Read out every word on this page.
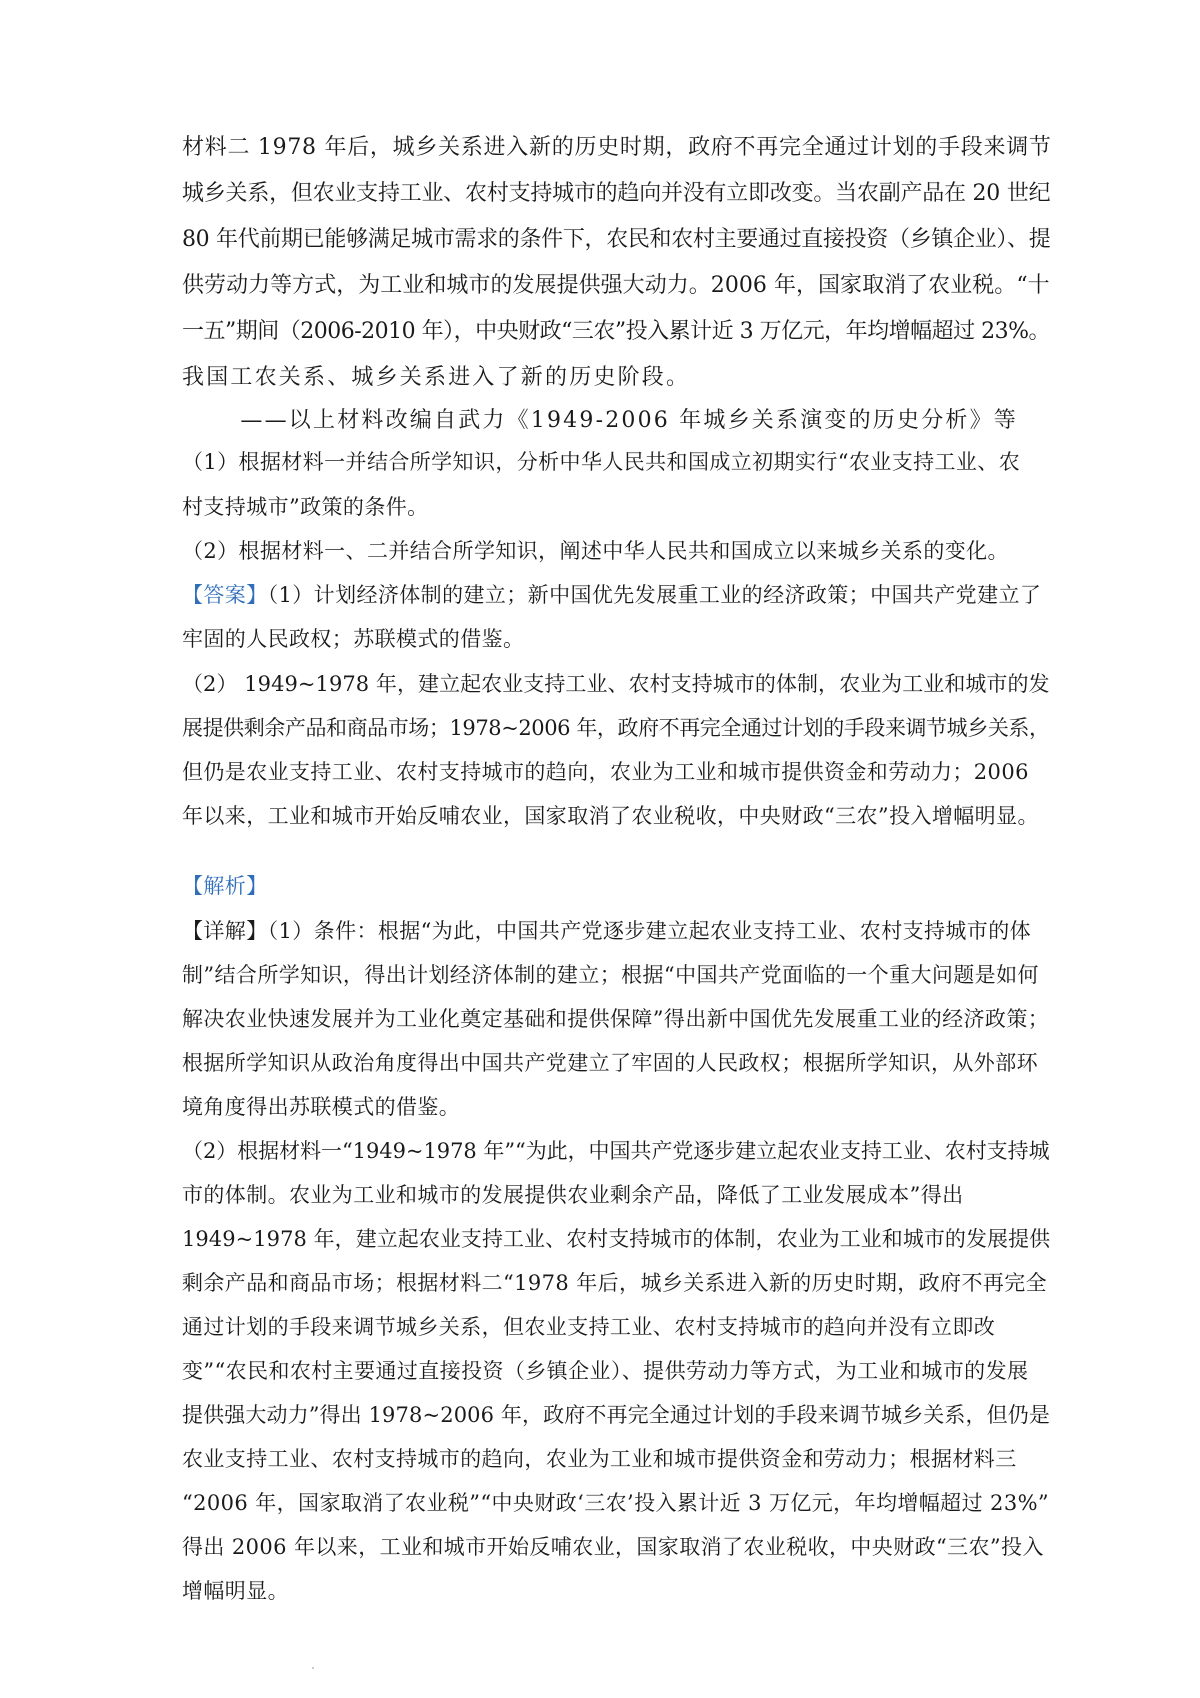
材料二 1978 年后，城乡关系进入新的历史时期，政府不再完全通过计划的手段来调节
城乡关系，但农业支持工业、农村支持城市的趋向并没有立即改变。当农副产品在 20 世纪
80 年代前期已能够满足城市需求的条件下，农民和农村主要通过直接投资（乡镇企业）、提
供劳动力等方式，为工业和城市的发展提供强大动力。2006 年，国家取消了农业税。“十
一五”期间（2006-2010 年），中央财政“三农”投入累计近 3 万亿元，年均增幅超过 23%。
我国工农关系、城乡关系进入了新的历史阶段。
——以上材料改编自武力《1949-2006 年城乡关系演变的历史分析》等
（1）根据材料一并结合所学知识，分析中华人民共和国成立初期实行“农业支持工业、农
村支持城市”政策的条件。
（2）根据材料一、二并结合所学知识，阐述中华人民共和国成立以来城乡关系的变化。
【答案】（1）计划经济体制的建立；新中国优先发展重工业的经济政策；中国共产党建立了
牢固的人民政权；苏联模式的借鉴。
（2） 1949~1978 年，建立起农业支持工业、农村支持城市的体制，农业为工业和城市的发
展提供剩余产品和商品市场；1978~2006 年，政府不再完全通过计划的手段来调节城乡关系，
但仍是农业支持工业、农村支持城市的趋向，农业为工业和城市提供资金和劳动力；2006
年以来，工业和城市开始反哺农业，国家取消了农业税收，中央财政“三农”投入增幅明显。
【解析】
【详解】（1）条件：根据“为此，中国共产党逐步建立起农业支持工业、农村支持城市的体
制”结合所学知识，得出计划经济体制的建立；根据“中国共产党面临的一个重大问题是如何
解决农业快速发展并为工业化奠定基础和提供保障”得出新中国优先发展重工业的经济政策；
根据所学知识从政治角度得出中国共产党建立了牢固的人民政权；根据所学知识，从外部环
境角度得出苏联模式的借鉴。
（2）根据材料一“1949~1978 年”“为此，中国共产党逐步建立起农业支持工业、农村支持城
市的体制。农业为工业和城市的发展提供农业剩余产品，降低了工业发展成本”得出
1949~1978 年，建立起农业支持工业、农村支持城市的体制，农业为工业和城市的发展提供
剩余产品和商品市场；根据材料二“1978 年后，城乡关系进入新的历史时期，政府不再完全
通过计划的手段来调节城乡关系，但农业支持工业、农村支持城市的趋向并没有立即改
变”“农民和农村主要通过直接投资（乡镇企业）、提供劳动力等方式，为工业和城市的发展
提供强大动力”得出 1978~2006 年，政府不再完全通过计划的手段来调节城乡关系，但仍是
农业支持工业、农村支持城市的趋向，农业为工业和城市提供资金和劳动力；根据材料三
“2006 年，国家取消了农业税”“中央财政‘三农’投入累计近 3 万亿元，年均增幅超过 23%”
得出 2006 年以来，工业和城市开始反哺农业，国家取消了农业税收，中央财政“三农”投入
增幅明显。
